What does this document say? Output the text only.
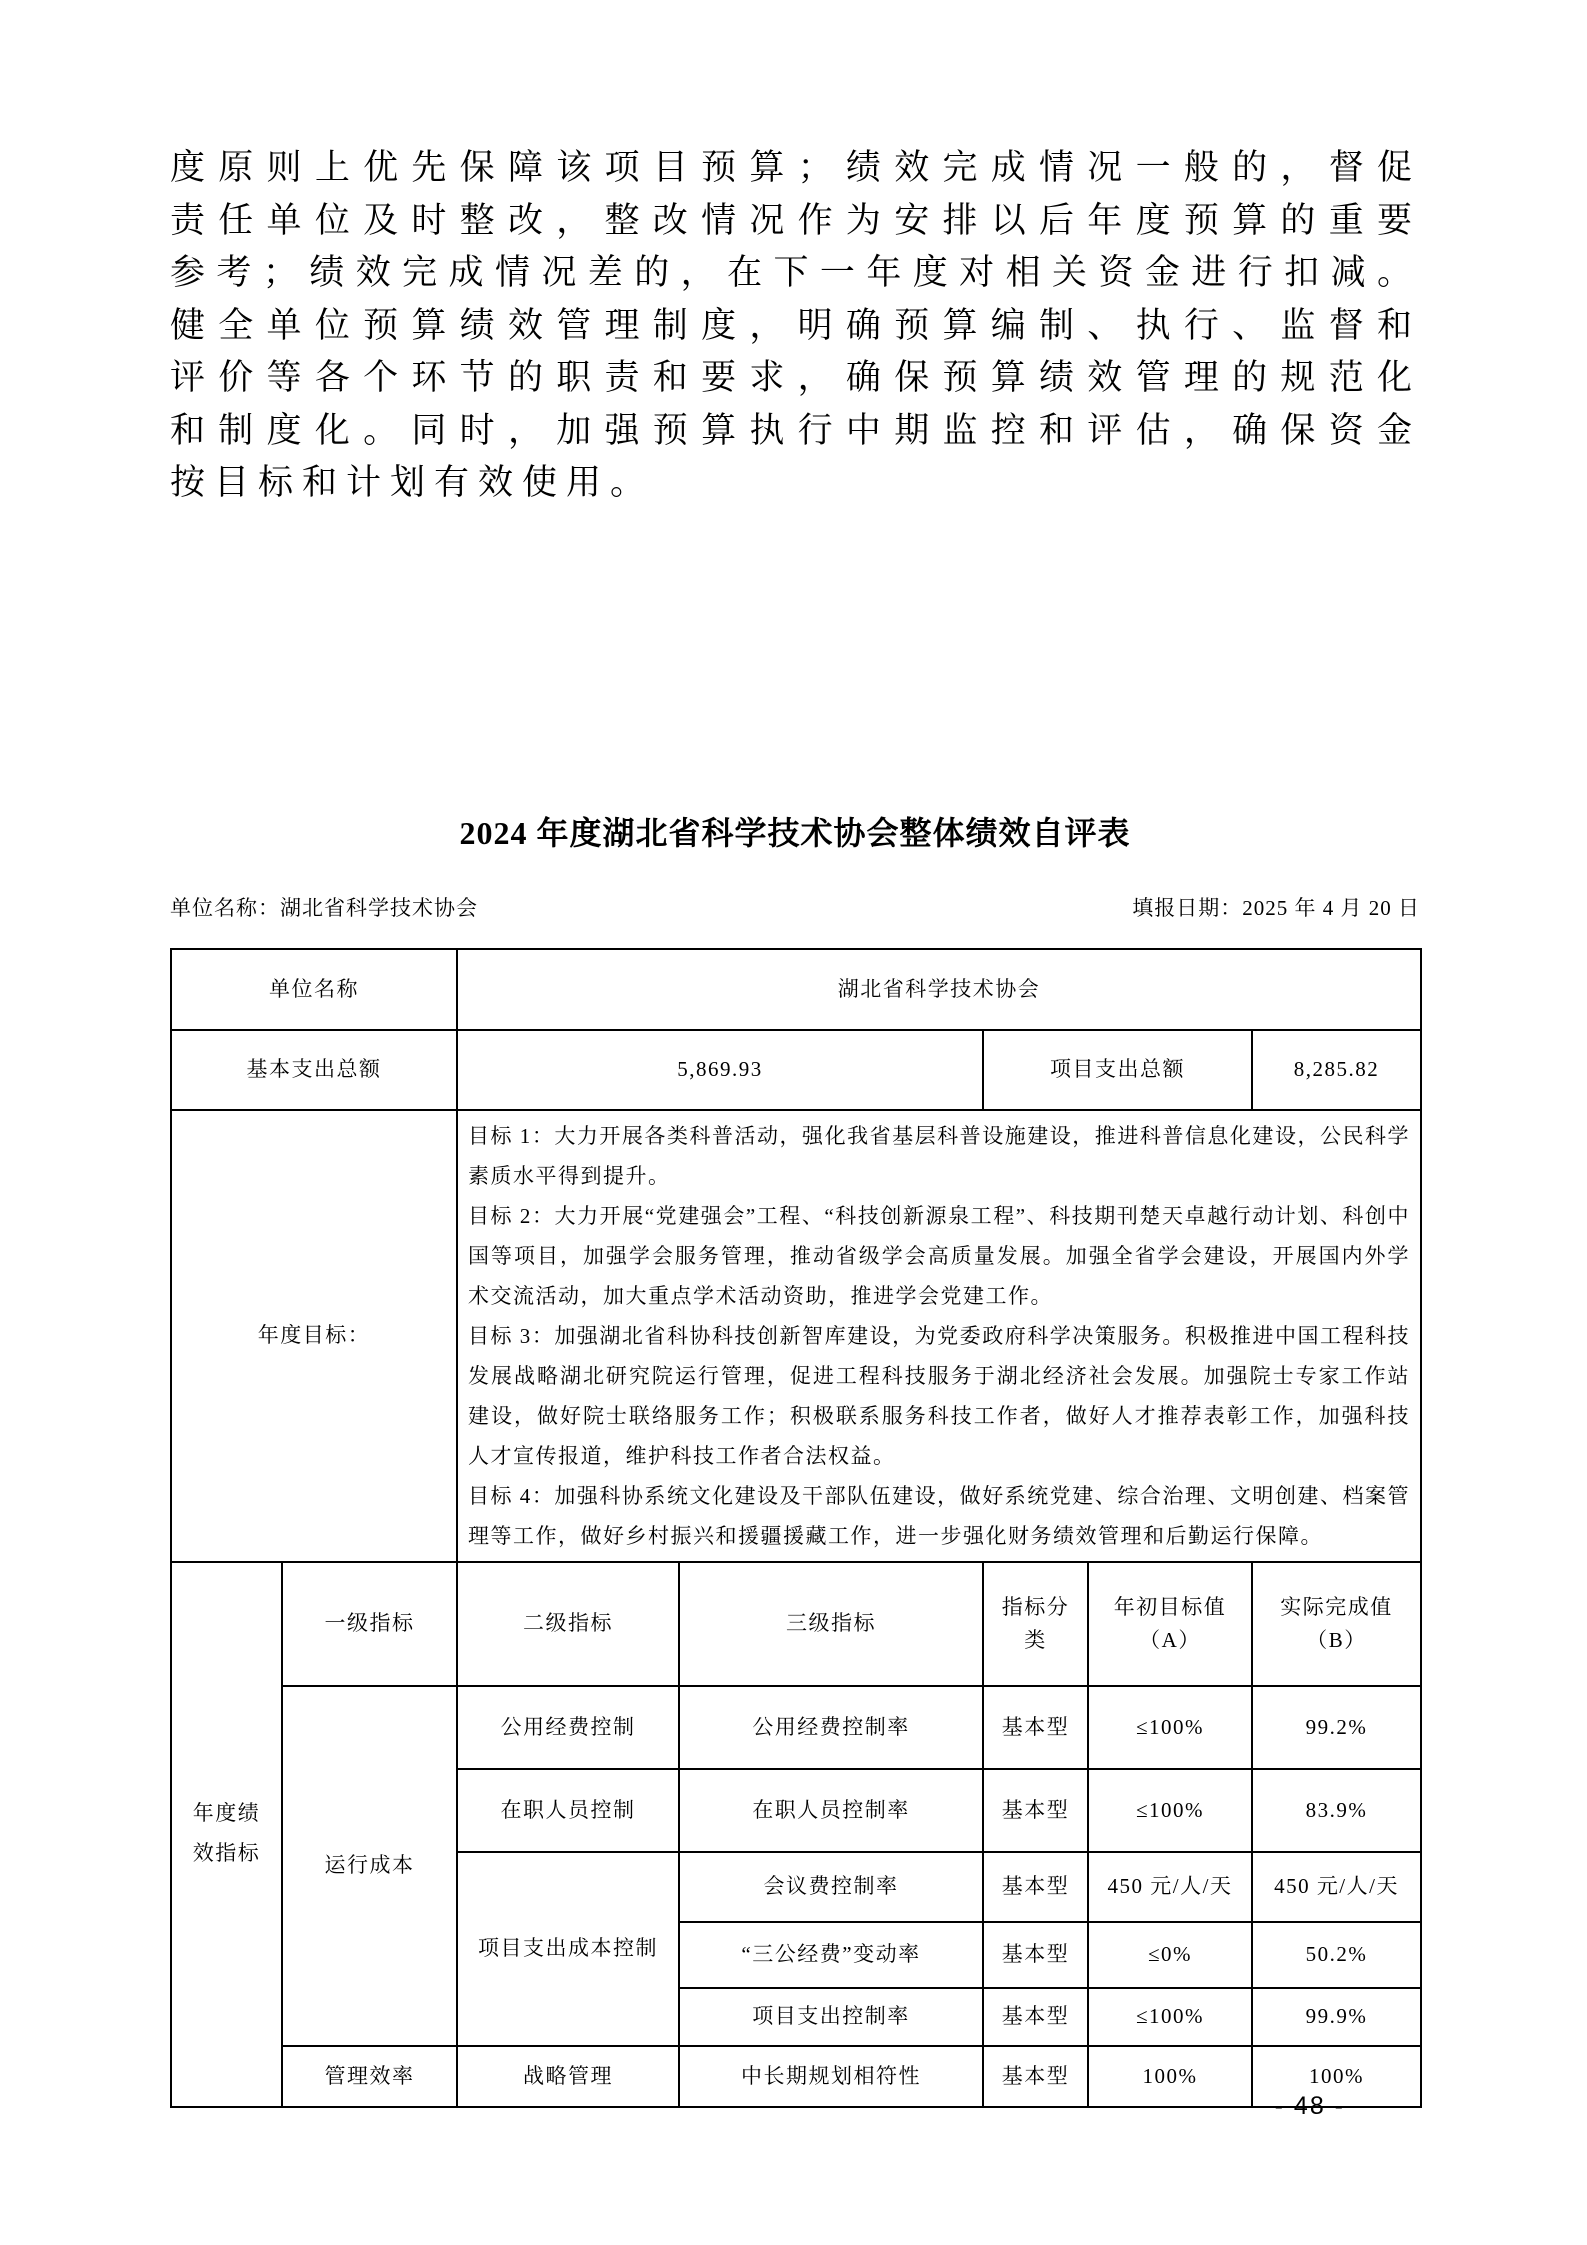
度原则上优先保障该项目预算；绩效完成情况一般的，督促
责任单位及时整改，整改情况作为安排以后年度预算的重要
参考；绩效完成情况差的，在下一年度对相关资金进行扣减。
健全单位预算绩效管理制度，明确预算编制、执行、监督和
评价等各个环节的职责和要求，确保预算绩效管理的规范化
和制度化。同时，加强预算执行中期监控和评估，确保资金
按目标和计划有效使用。
2024 年度湖北省科学技术协会整体绩效自评表
单位名称：湖北省科学技术协会	填报日期：2025 年 4 月 20 日
单位名称		湖北省科学技术协会				
基本支出总额		5,869.93		项目支出总额		8,285.82
年度目标：		目标 1：大力开展各类科普活动，强化我省基层科普设施建设，推进科普信息化建设，公民科学素质水平得到提升。

目标 2：大力开展“党建强会”工程、“科技创新源泉工程”、科技期刊楚天卓越行动计划、科创中国等项目，加强学会服务管理，推动省级学会高质量发展。加强全省学会建设，开展国内外学术交流活动，加大重点学术活动资助，推进学会党建工作。

目标 3：加强湖北省科协科技创新智库建设，为党委政府科学决策服务。积极推进中国工程科技发展战略湖北研究院运行管理，促进工程科技服务于湖北经济社会发展。加强院士专家工作站建设，做好院士联络服务工作；积极联系服务科技工作者，做好人才推荐表彰工作，加强科技人才宣传报道，维护科技工作者合法权益。

目标 4：加强科协系统文化建设及干部队伍建设，做好系统党建、综合治理、文明创建、档案管理等工作，做好乡村振兴和援疆援藏工作，进一步强化财务绩效管理和后勤运行保障。				

年度绩效指标	一级指标	二级指标	三级指标	指标分类	年初目标值（A）	实际完成值（B）
	运行成本	公用经费控制	公用经费控制率	基本型	≤100%	99.2%
		在职人员控制	在职人员控制率	基本型	≤100%	83.9%
		项目支出成本控制	会议费控制率	基本型	450 元/人/天	450 元/人/天
			“三公经费”变动率	基本型	≤0%	50.2%
			项目支出控制率	基本型	≤100%	99.9%
	管理效率	战略管理	中长期规划相符性	基本型	100%	100%
- 48 -
